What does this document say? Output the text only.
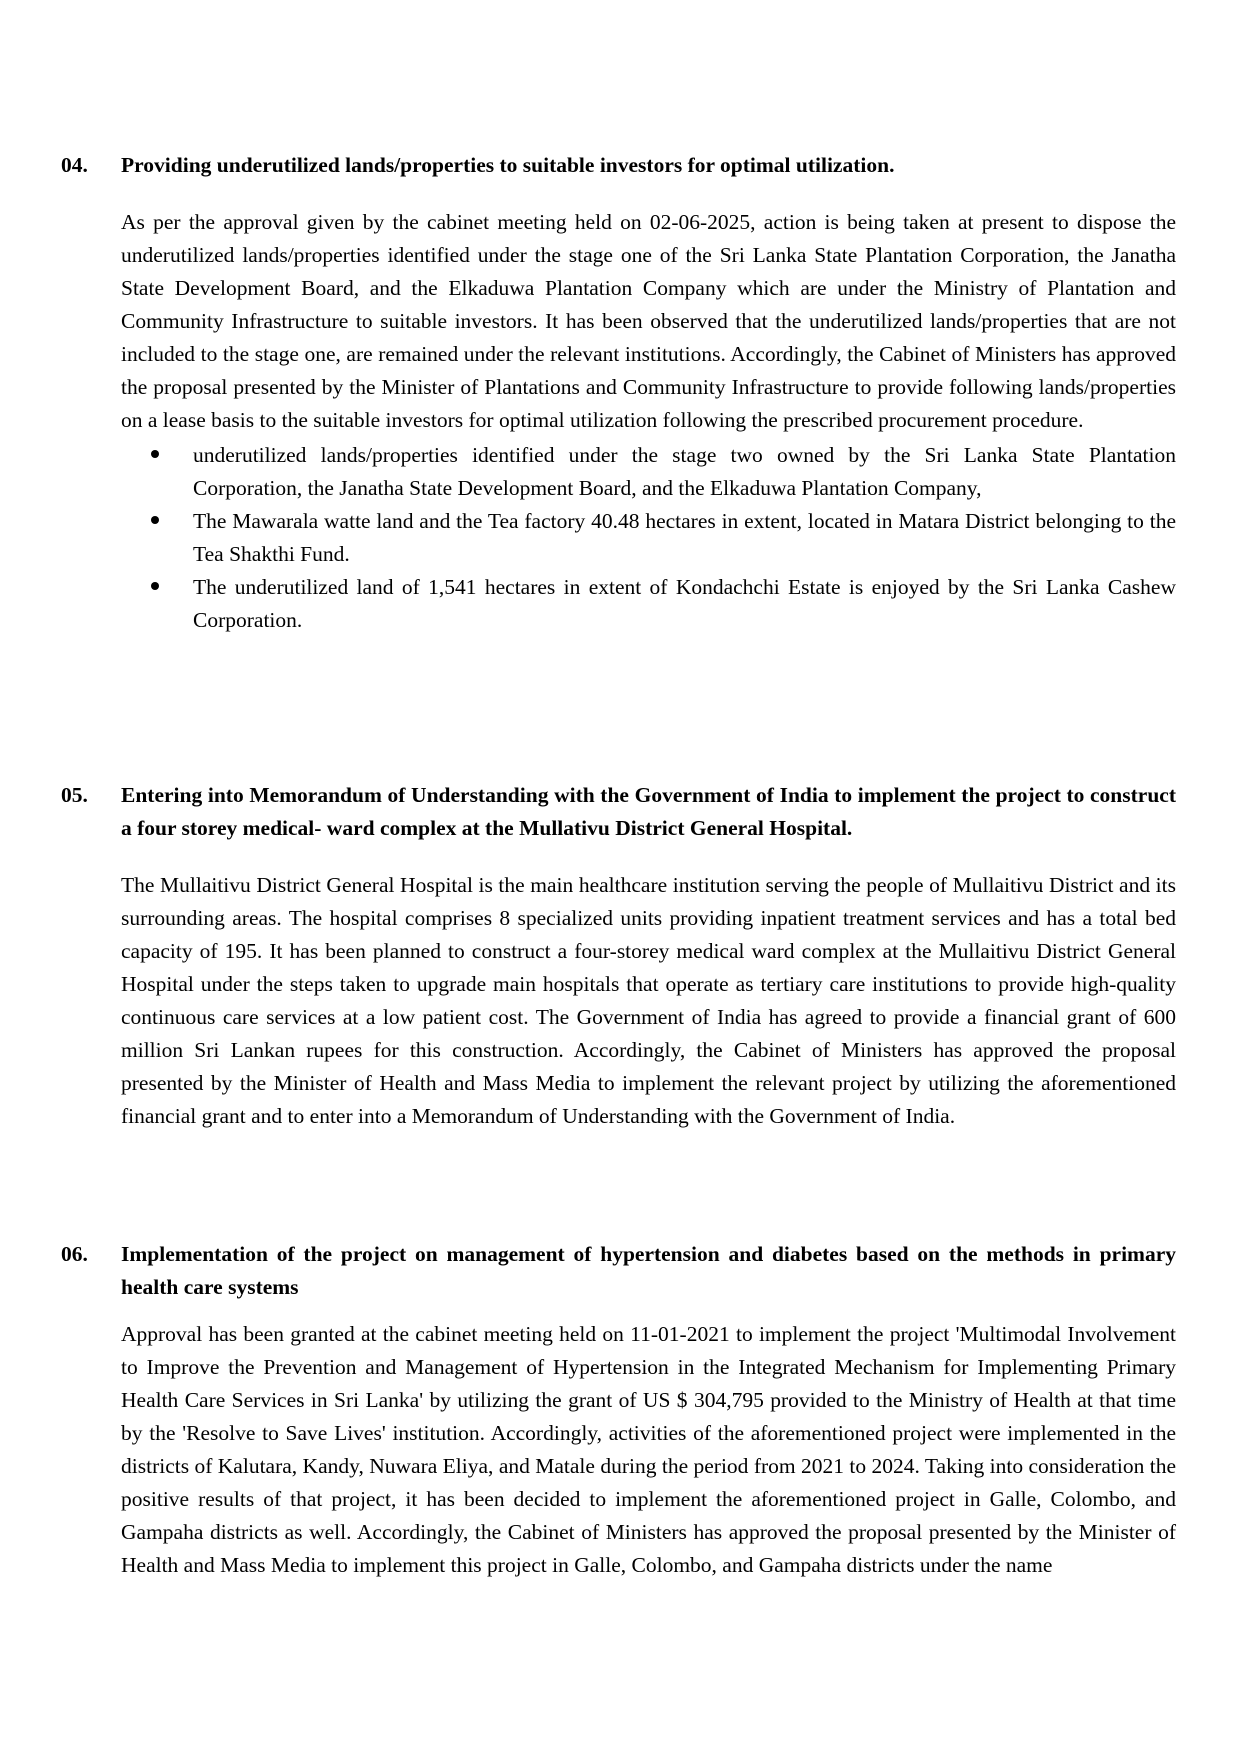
04.	Providing underutilized lands/properties to suitable investors for optimal utilization.
As per the approval given by the cabinet meeting held on 02-06-2025, action is being taken at present to dispose the underutilized lands/properties identified under the stage one of the Sri Lanka State Plantation Corporation, the Janatha State Development Board, and the Elkaduwa Plantation Company which are under the Ministry of Plantation and Community Infrastructure to suitable investors. It has been observed that the underutilized lands/properties that are not included to the stage one, are remained under the relevant institutions. Accordingly, the Cabinet of Ministers has approved the proposal presented by the Minister of Plantations and Community Infrastructure to provide following lands/properties on a lease basis to the suitable investors for optimal utilization following the prescribed procurement procedure.
underutilized lands/properties identified under the stage two owned by the Sri Lanka State Plantation Corporation, the Janatha State Development Board, and the Elkaduwa Plantation Company,
The Mawarala watte land and the Tea factory 40.48 hectares in extent, located in Matara District belonging to the Tea Shakthi Fund.
The underutilized land of 1,541 hectares in extent of Kondachchi Estate is enjoyed by the Sri Lanka Cashew Corporation.
05.	Entering into Memorandum of Understanding with the Government of India to implement the project to construct a four storey medical- ward complex at the Mullativu District General Hospital.
The Mullaitivu District General Hospital is the main healthcare institution serving the people of Mullaitivu District and its surrounding areas. The hospital comprises 8 specialized units providing inpatient treatment services and has a total bed capacity of 195. It has been planned to construct a four-storey medical ward complex at the Mullaitivu District General Hospital under the steps taken to upgrade main hospitals that operate as tertiary care institutions to provide high-quality continuous care services at a low patient cost. The Government of India has agreed to provide a financial grant of 600 million Sri Lankan rupees for this construction. Accordingly, the Cabinet of Ministers has approved the proposal presented by the Minister of Health and Mass Media to implement the relevant project by utilizing the aforementioned financial grant and to enter into a Memorandum of Understanding with the Government of India.
06.	Implementation of the project on management of hypertension and diabetes based on the methods in primary health care systems
Approval has been granted at the cabinet meeting held on 11-01-2021 to implement the project 'Multimodal Involvement to Improve the Prevention and Management of Hypertension in the Integrated Mechanism for Implementing Primary Health Care Services in Sri Lanka' by utilizing the grant of US $ 304,795 provided to the Ministry of Health at that time by the 'Resolve to Save Lives' institution. Accordingly, activities of the aforementioned project were implemented in the districts of Kalutara, Kandy, Nuwara Eliya, and Matale during the period from 2021 to 2024. Taking into consideration the positive results of that project, it has been decided to implement the aforementioned project in Galle, Colombo, and Gampaha districts as well. Accordingly, the Cabinet of Ministers has approved the proposal presented by the Minister of Health and Mass Media to implement this project in Galle, Colombo, and Gampaha districts under the name
